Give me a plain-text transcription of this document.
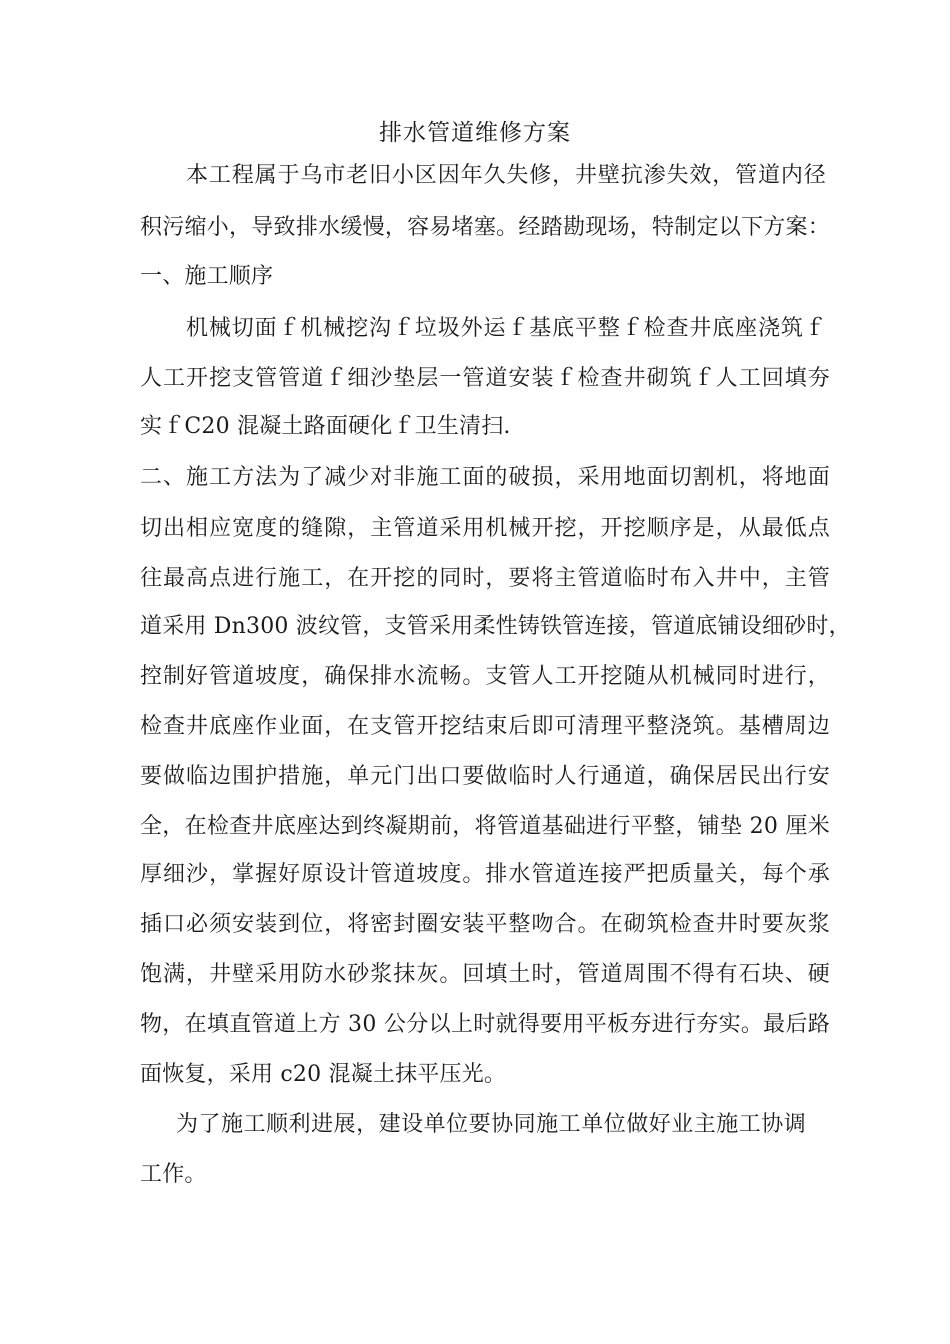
排水管道维修方案
本工程属于乌市老旧小区因年久失修，井壁抗渗失效，管道内径
积污缩小，导致排水缓慢，容易堵塞。经踏勘现场，特制定以下方案：
一、施工顺序
机械切面ｆ机械挖沟ｆ垃圾外运ｆ基底平整ｆ检查井底座浇筑ｆ
人工开挖支管管道ｆ细沙垫层一管道安装ｆ检查井砌筑ｆ人工回填夯
实ｆC20 混凝土路面硬化ｆ卫生清扫.
二、施工方法为了减少对非施工面的破损，采用地面切割机，将地面
切出相应宽度的缝隙，主管道采用机械开挖，开挖顺序是，从最低点
往最高点进行施工，在开挖的同时，要将主管道临时布入井中，主管
道采用 Dn300 波纹管，支管采用柔性铸铁管连接，管道底铺设细砂时，
控制好管道坡度，确保排水流畅。支管人工开挖随从机械同时进行，
检查井底座作业面，在支管开挖结束后即可清理平整浇筑。基槽周边
要做临边围护措施，单元门出口要做临时人行通道，确保居民出行安
全，在检查井底座达到终凝期前，将管道基础进行平整，铺垫 20 厘米
厚细沙，掌握好原设计管道坡度。排水管道连接严把质量关，每个承
插口必须安装到位，将密封圈安装平整吻合。在砌筑检查井时要灰浆
饱满，井壁采用防水砂浆抹灰。回填土时，管道周围不得有石块、硬
物，在填直管道上方 30 公分以上时就得要用平板夯进行夯实。最后路
面恢复，采用 c20 混凝土抹平压光。
为了施工顺利进展，建设单位要协同施工单位做好业主施工协调
工作。
